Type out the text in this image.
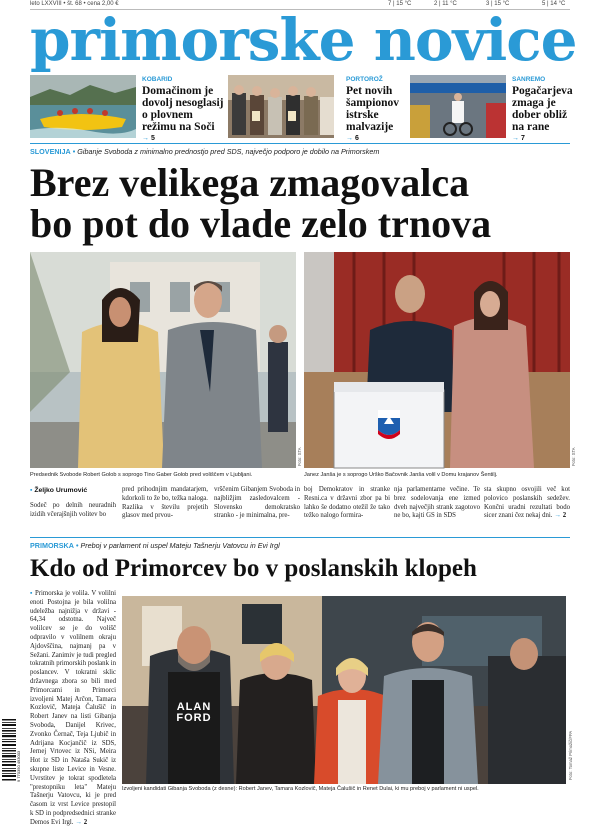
leto LXXVIII • št. 68 • cena 2,00 €	7 | 15 °C	2 | 11 °C	3 | 15 °C	5 | 14 °C
primorske novice
KOBARID
Domačinom je dovolj nesoglasij o plovnem režimu na Soči
→ 5
PORTOROŽ
Pet novih šampionov istrske malvazije
→ 6
SANREMO
Pogačarjeva zmaga je dober obliž na rane
→ 7
SLOVENIJA • Gibanje Svoboda z minimalno prednostjo pred SDS, največjo podporo je dobilo na Primorskem
Brez velikega zmagovalca
bo pot do vlade zelo trnova
Foto: STA	Foto: STA
Predsednik Svobode Robert Golob s soprogo Tino Gaber Golob pred voliščem v Ljubljani.	Janez Janša je s soprogo Urško Bačovnik Janša volil v Domu krajanov Šentilj.
▪ Željko Urumović
Sodeč po delnih neuradnih izidih včerajšnjih volitev bo
pred prihodnjim mandatarjem, kdorkoli to že bo, težka naloga. Razlika v številu prejetih glasov med prvou-
vrščenim Gibanjem Svoboda in najbližjim zasledovalcem - Slovensko demokratsko stranko - je minimalna, pre-
boj Demokratov in stranke Resni.ca v državni zbor pa bi lahko še dodatno otežil že tako težko nalogo formira-
nja parlamentarne večine. Te brez sodelovanja ene izmed dveh največjih strank zagotovo ne bo, kajti GS in SDS
sta skupno osvojili več kot polovico poslanskih sedežev. Končni uradni rezultati bodo sicer znani čez nekaj dni. → 2
PRIMORSKA • Preboj v parlament ni uspel Mateju Tašnerju Vatovcu in Evi Irgl
Kdo od Primorcev bo v poslanskih klopeh
▪ Primorska je volila. V volilni enoti Postojna je bila volilna udeležba najnižja v državi - 64,34 odstotna. Največ volilcev se je do volišč odpravilo v volilnem okraju Ajdovščina, najmanj pa v Sežani. Zanimiv je tudi pregled tokratnih primorskih poslank in poslancev. V tokratni sklic državnega zbora so bili med Primorcami in Primorci izvoljeni Matej Arčon, Tamara Kozlovič, Mateja Čalušič in Robert Janev na listi Gibanja Svoboda, Danijel Krivec, Zvonko Černač, Teja Ljubič in Adrijana Kocjančič iz SDS, Jernej Vrtovec iz NSi, Meira Hot iz SD in Nataša Sukič iz skupne liste Levice in Vesne. Uvrstitev je tokrat spodletela "prestopniku leta" Mateju Tašnerju Vatovcu, ki je pred časom iz vrst Levice prestopil k SD in podpredsednici stranke Demos Evi Irgl. → 2
ALAN FORD
Foto: Tomaž Primožič/FPA
Izvoljeni kandidati Gibanja Svoboda (z desne): Robert Janev, Tamara Kozlovič, Mateja Čalušič in Renet Dulai, ki mu preboj v parlament ni uspel.
9 770350 493003
